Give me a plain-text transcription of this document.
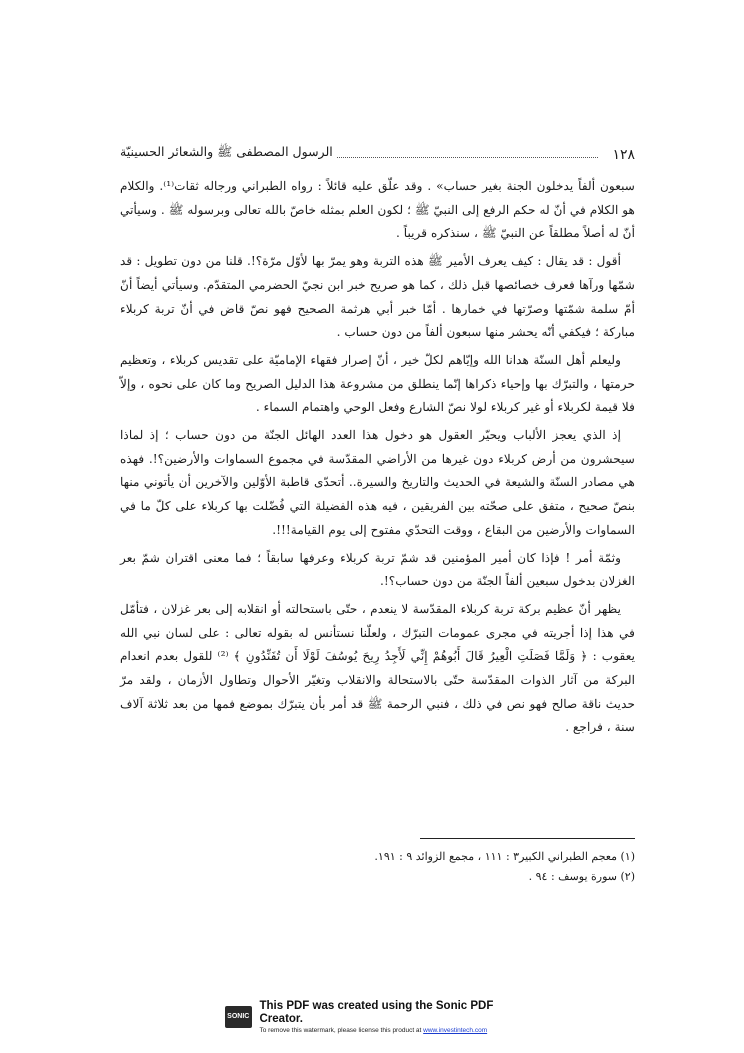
١٢٨
الرسول المصطفى ﷺ والشعائر الحسينيّة

سبعون ألفاً يدخلون الجنة بغير حساب» . وقد علّق عليه قائلاً : رواه الطبراني ورجاله ثقات⁽¹⁾. والكلام هو الكلام في أنّ له حكم الرفع إلى النبيّ ﷺ ؛ لكون العلم بمثله خاصّ بالله تعالى وبرسوله ﷺ . وسيأتي أنّ له أصلاً مطلقاً عن النبيّ ﷺ ، سنذكره قريباً .

أقول : قد يقال : كيف يعرف الأمير ﷺ هذه التربة وهو يمرّ بها لأوّل مرّة؟!. قلنا من دون تطويل : قد شمّها ورآها فعرف خصائصها قبل ذلك ، كما هو صريح خبر ابن نجيّ الحضرمي المتقدّم. وسيأتي أيضاً أنّ أمّ سلمة شمّتها وصرّتها في خمارها . أمّا خبر أبي هرثمة الصحيح فهو نصّ قاض في أنّ تربة كربلاء مباركة ؛ فيكفي أنّه يحشر منها سبعون ألفاً من دون حساب .

وليعلم أهل السنّة هدانا الله وإيّاهم لكلّ خير ، أنّ إصرار فقهاء الإماميّة على تقديس كربلاء ، وتعظيم حرمتها ، والتبرّك بها وإحياء ذكراها إنّما ينطلق من مشروعة هذا الدليل الصريح وما كان على نحوه ، وإلاّ فلا قيمة لكربلاء أو غير كربلاء لولا نصّ الشارع وفعل الوحي واهتمام السماء .

إذ الذي يعجز الألباب ويحيّر العقول هو دخول هذا العدد الهائل الجنّة من دون حساب ؛ إذ لماذا سيحشرون من أرض كربلاء دون غيرها من الأراضي المقدّسة في مجموع السماوات والأرضين؟!. فهذه هي مصادر السنّة والشيعة في الحديث والتاريخ والسيرة.. أتحدّى قاطبة الأوّلين والآخرين أن يأتوني منها بنصّ صحيح ، متفق على صحّته بين الفريقين ، فيه هذه الفضيلة التي فُضّلت بها كربلاء على كلّ ما في السماوات والأرضين من البقاع ، ووقت التحدّي مفتوح إلى يوم القيامة!!!.

وثمّة أمر ! فإذا كان أمير المؤمنين قد شمّ تربة كربلاء وعرفها سابقاً ؛ فما معنى اقتران شمّ بعر الغزلان بدخول سبعين ألفاً الجنّة من دون حساب؟!.

يظهر أنّ عظيم بركة تربة كربلاء المقدّسة لا ينعدم ، حتّى باستحالته أو انقلابه إلى بعر غزلان ، فتأمّل في هذا إذا أجريته في مجرى عمومات التبرّك ، ولعلّنا نستأنس له بقوله تعالى : على لسان نبي الله يعقوب : ﴿ وَلَمَّا فَصَلَتِ الْعِيرُ قَالَ أَبُوهُمْ إِنِّي لَأَجِدُ رِيحَ يُوسُفَ لَوْلَا أَن تُفَنِّدُونِ ﴾ ⁽²⁾ للقول بعدم انعدام البركة من آثار الذوات المقدّسة حتّى بالاستحالة والانقلاب وتغيّر الأحوال وتطاول الأزمان ، ولقد مرّ حديث ناقة صالح فهو نص في ذلك ، فنبي الرحمة ﷺ قد أمر بأن يتبرّك بموضع فمها من بعد ثلاثة آلاف سنة ، فراجع .

(١) معجم الطبراني الكبير٣ : ١١١ ، مجمع الزوائد ٩ : ١٩١.
(٢) سورة يوسف : ٩٤ .
SONIC PDF
This PDF was created using the Sonic PDF Creator.
To remove this watermark, please license this product at www.investintech.com
